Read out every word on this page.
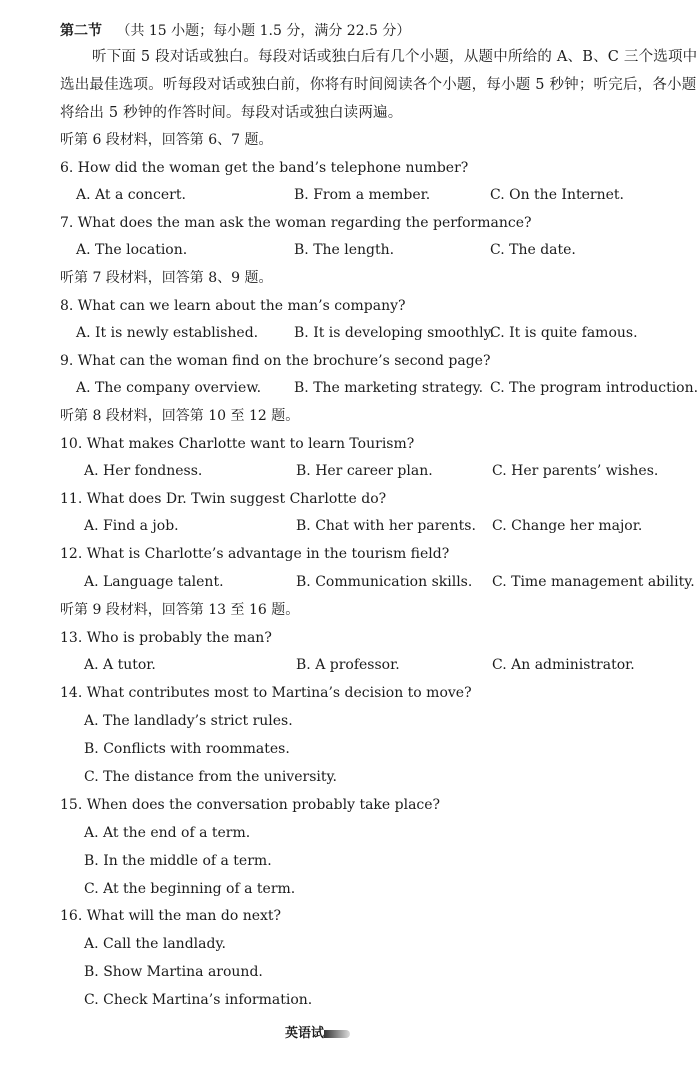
第二节 （共 15 小题；每小题 1.5 分，满分 22.5 分）
听下面 5 段对话或独白。每段对话或独白后有几个小题，从题中所给的 A、B、C 三个选项中
选出最佳选项。听每段对话或独白前，你将有时间阅读各个小题，每小题 5 秒钟；听完后，各小题
将给出 5 秒钟的作答时间。每段对话或独白读两遍。
听第 6 段材料，回答第 6、7 题。
6. How did the woman get the band’s telephone number?
A. At a concert.	B. From a member.	C. On the Internet.
7. What does the man ask the woman regarding the performance?
A. The location.	B. The length.	C. The date.
听第 7 段材料，回答第 8、9 题。
8. What can we learn about the man’s company?
A. It is newly established.	B. It is developing smoothly.
C. It is quite famous.
9. What can the woman find on the brochure’s second page?
A. The company overview. B. The marketing strategy. C. The program introduction.
听第 8 段材料，回答第 10 至 12 题。
10. What makes Charlotte want to learn Tourism?
A. Her fondness.	B. Her career plan.	C. Her parents’ wishes.
11. What does Dr. Twin suggest Charlotte do?
A. Find a job.	B. Chat with her parents. C. Change her major.
12. What is Charlotte’s advantage in the tourism field?
A. Language talent.	B. Communication skills. C. Time management ability.
听第 9 段材料，回答第 13 至 16 题。
13. Who is probably the man?
A. A tutor.	B. A professor.	C. An administrator.
14. What contributes most to Martina’s decision to move?
A. The landlady’s strict rules.
B. Conflicts with roommates.
C. The distance from the university.
15. When does the conversation probably take place?
A. At the end of a term.
B. In the middle of a term.
C. At the beginning of a term.
16. What will the man do next?
A. Call the landlady.
B. Show Martina around.
C. Check Martina’s information.
英语试
